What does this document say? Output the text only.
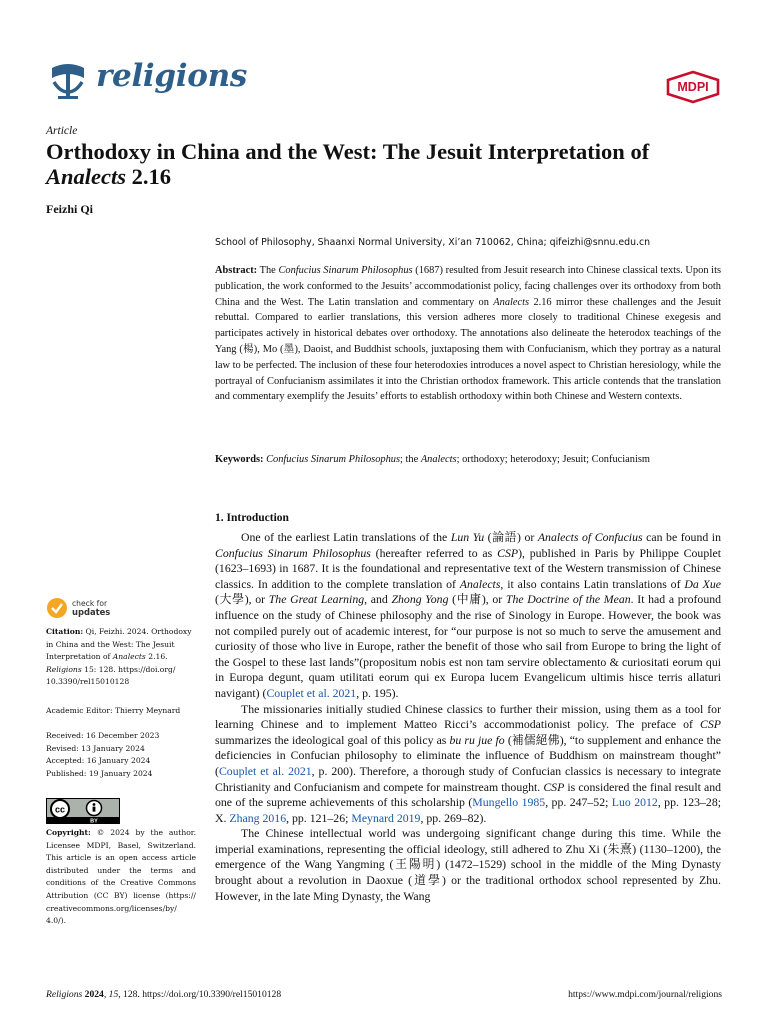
religions	MDPI
Article
Orthodoxy in China and the West: The Jesuit Interpretation of
Analects 2.16
Feizhi Qi
School of Philosophy, Shaanxi Normal University, Xi’an 710062, China; qifeizhi@snnu.edu.cn
Abstract: The Confucius Sinarum Philosophus (1687) resulted from Jesuit research into Chinese classical texts. Upon its publication, the work conformed to the Jesuits’ accommodationist policy, facing challenges over its orthodoxy from both China and the West. The Latin translation and commentary on Analects 2.16 mirror these challenges and the Jesuit rebuttal. Compared to earlier translations, this version adheres more closely to traditional Chinese exegesis and participates actively in historical debates over orthodoxy. The annotations also delineate the heterodox teachings of the Yang (楊), Mo (墨), Daoist, and Buddhist schools, juxtaposing them with Confucianism, which they portray as a natural law to be perfected. The inclusion of these four heterodoxies introduces a novel aspect to Christian heresiology, while the portrayal of Confucianism assimilates it into the Christian orthodox framework. This article contends that the translation and commentary exemplify the Jesuits’ efforts to establish orthodoxy within both Chinese and Western contexts.
Keywords: Confucius Sinarum Philosophus; the Analects; orthodoxy; heterodoxy; Jesuit; Confucianism
1. Introduction

One of the earliest Latin translations of the Lun Yu (論語) or Analects of Confucius can be found in Confucius Sinarum Philosophus (hereafter referred to as CSP), published in Paris by Philippe Couplet (1623–1693) in 1687. It is the foundational and representative text of the Western transmission of Chinese classics. In addition to the complete translation of Analects, it also contains Latin translations of Da Xue (大學), or The Great Learning, and Zhong Yong (中庸), or The Doctrine of the Mean. It had a profound influence on the study of Chinese philosophy and the rise of Sinology in Europe. However, the book was not compiled purely out of academic interest, for “our purpose is not so much to serve the amusement and curiosity of those who live in Europe, rather the benefit of those who sail from Europe to bring the light of the Gospel to these last lands”(propositum nobis est non tam servire oblectamento & curiositati eorum qui in Europa degunt, quam utilitati eorum qui ex Europa lucem Evangelicum ultimis hisce terris allaturi navigant) (Couplet et al. 2021, p. 195).

The missionaries initially studied Chinese classics to further their mission, using them as a tool for learning Chinese and to implement Matteo Ricci’s accommodationist policy. The preface of CSP summarizes the ideological goal of this policy as bu ru jue fo (補儒絕佛), “to supplement and enhance the deficiencies in Confucian philosophy to eliminate the influence of Buddhism on mainstream thought” (Couplet et al. 2021, p. 200). Therefore, a thorough study of Confucian classics is necessary to integrate Christianity and Confucianism and compete for mainstream thought. CSP is considered the final result and one of the supreme achievements of this scholarship (Mungello 1985, pp. 247–52; Luo 2012, pp. 123–28; X. Zhang 2016, pp. 121–26; Meynard 2019, pp. 269–82).

The Chinese intellectual world was undergoing significant change during this time. While the imperial examinations, representing the official ideology, still adhered to Zhu Xi (朱熹) (1130–1200), the emergence of the Wang Yangming (王陽明) (1472–1529) school in the middle of the Ming Dynasty brought about a revolution in Daoxue (道學) or the traditional orthodox school represented by Zhu. However, in the late Ming Dynasty, the Wang

check for
updates
Citation: Qi, Feizhi. 2024. Orthodoxy in China and the West: The Jesuit Interpretation of Analects 2.16. Religions 15: 128. https://doi.org/ 10.3390/rel15010128
Academic Editor: Thierry Meynard
Received: 16 December 2023
Revised: 13 January 2024
Accepted: 16 January 2024
Published: 19 January 2024
cc
BY
Copyright: © 2024 by the author. Licensee MDPI, Basel, Switzerland. This article is an open access article distributed under the terms and conditions of the Creative Commons Attribution (CC BY) license (https:// creativecommons.org/licenses/by/ 4.0/).
Religions 2024, 15, 128. https://doi.org/10.3390/rel15010128	https://www.mdpi.com/journal/religions
